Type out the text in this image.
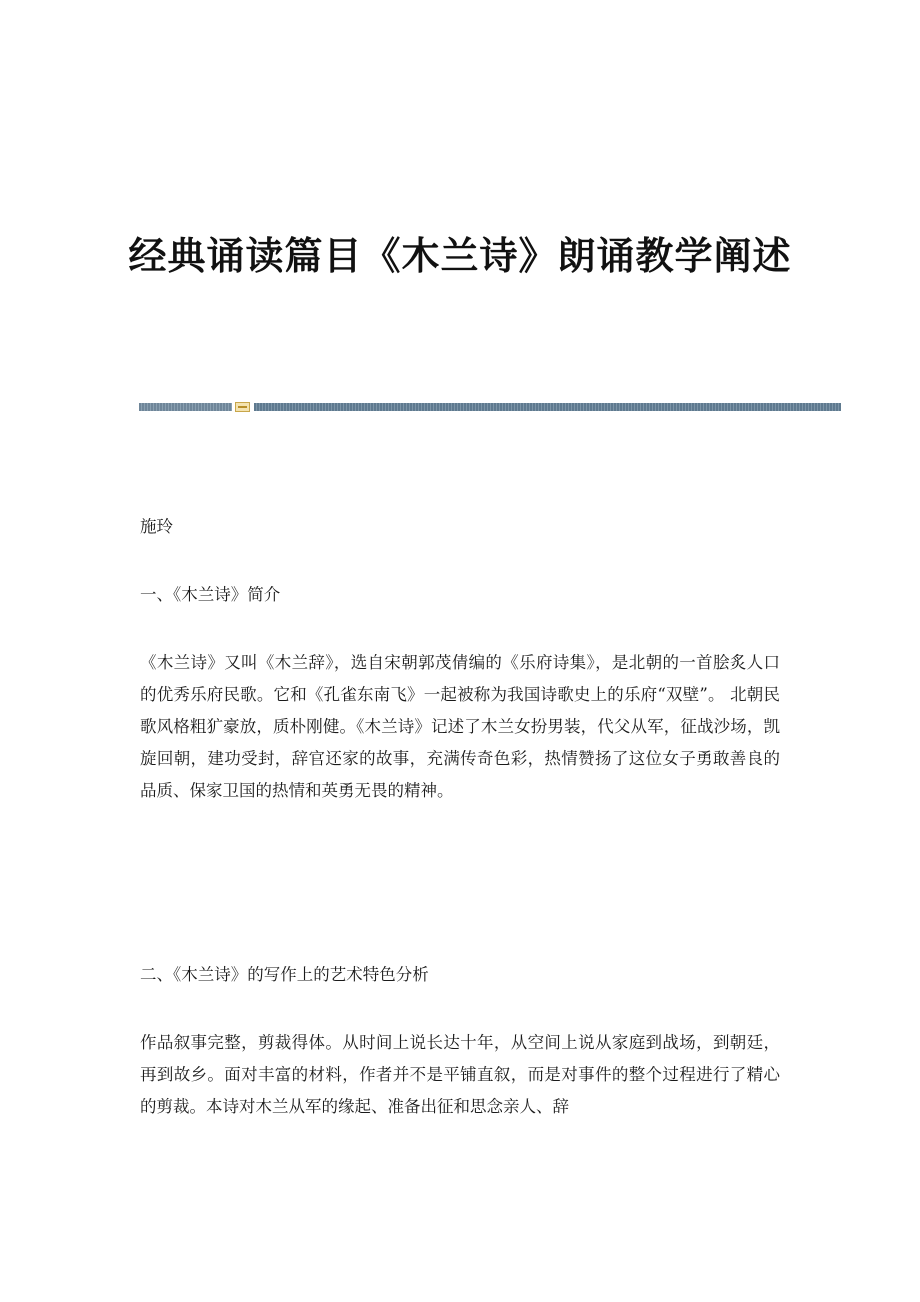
经典诵读篇目《木兰诗》朗诵教学阐述
施玲
一、《木兰诗》简介

《木兰诗》又叫《木兰辞》，选自宋朝郭茂倩编的《乐府诗集》，是北朝的一首脍炙人口的优秀乐府民歌。它和《孔雀东南飞》一起被称为我国诗歌史上的乐府“双壁”。 北朝民歌风格粗犷豪放，质朴刚健。《木兰诗》记述了木兰女扮男装，代父从军，征战沙场，凯旋回朝，建功受封，辞官还家的故事，充满传奇色彩，热情赞扬了这位女子勇敢善良的品质、保家卫国的热情和英勇无畏的精神。

二、《木兰诗》的写作上的艺术特色分析

作品叙事完整，剪裁得体。从时间上说长达十年，从空间上说从家庭到战场，到朝廷，再到故乡。面对丰富的材料，作者并不是平铺直叙，而是对事件的整个过程进行了精心的剪裁。本诗对木兰从军的缘起、准备出征和思念亲人、辞
